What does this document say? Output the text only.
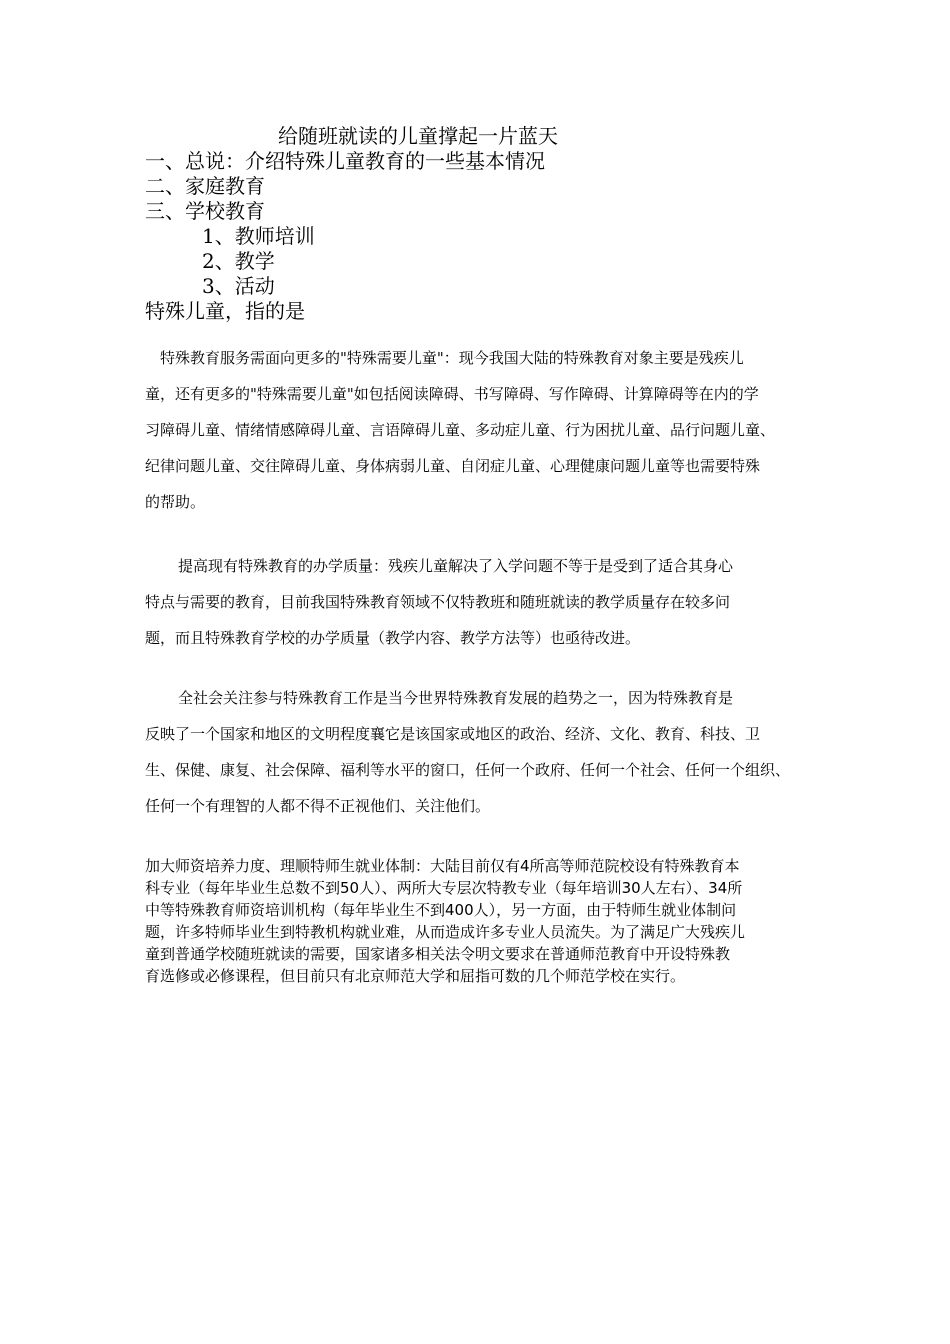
给随班就读的儿童撑起一片蓝天
一、总说：介绍特殊儿童教育的一些基本情况
二、家庭教育
三、学校教育
1、教师培训
2、教学
3、活动
特殊儿童，指的是
特殊教育服务需面向更多的"特殊需要儿童"：现今我国大陆的特殊教育对象主要是残疾儿
童，还有更多的"特殊需要儿童"如包括阅读障碍、书写障碍、写作障碍、计算障碍等在内的学
习障碍儿童、情绪情感障碍儿童、言语障碍儿童、多动症儿童、行为困扰儿童、品行问题儿童、
纪律问题儿童、交往障碍儿童、身体病弱儿童、自闭症儿童、心理健康问题儿童等也需要特殊
的帮助。
提高现有特殊教育的办学质量：残疾儿童解决了入学问题不等于是受到了适合其身心
特点与需要的教育，目前我国特殊教育领域不仅特教班和随班就读的教学质量存在较多问
题，而且特殊教育学校的办学质量（教学内容、教学方法等）也亟待改进。
全社会关注参与特殊教育工作是当今世界特殊教育发展的趋势之一，因为特殊教育是
反映了一个国家和地区的文明程度襄它是该国家或地区的政治、经济、文化、教育、科技、卫
生、保健、康复、社会保障、福利等水平的窗口，任何一个政府、任何一个社会、任何一个组织、
任何一个有理智的人都不得不正视他们、关注他们。
加大师资培养力度、理顺特师生就业体制：大陆目前仅有4所高等师范院校设有特殊教育本
科专业（每年毕业生总数不到50人）、两所大专层次特教专业（每年培训30人左右）、34所
中等特殊教育师资培训机构（每年毕业生不到400人），另一方面，由于特师生就业体制问
题，许多特师毕业生到特教机构就业难，从而造成许多专业人员流失。为了满足广大残疾儿
童到普通学校随班就读的需要，国家诸多相关法令明文要求在普通师范教育中开设特殊教
育选修或必修课程，但目前只有北京师范大学和屈指可数的几个师范学校在实行。
